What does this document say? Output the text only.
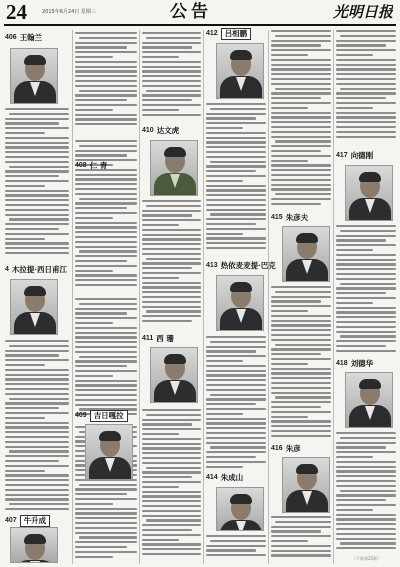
24	2015年6月24日 星期三	公告	光明日报
406 王翰兰
4 木拉提·西日甫江
407 牛升成
410 达文虎
408 仁 青
411 西 珊
409 吉日嘎拉
412 吕相鹏
413 热依麦麦提·巴克
414 朱成山
415 朱彦夫
416 朱彦
417 向德刚
418 刘德华
（下转第25版）
